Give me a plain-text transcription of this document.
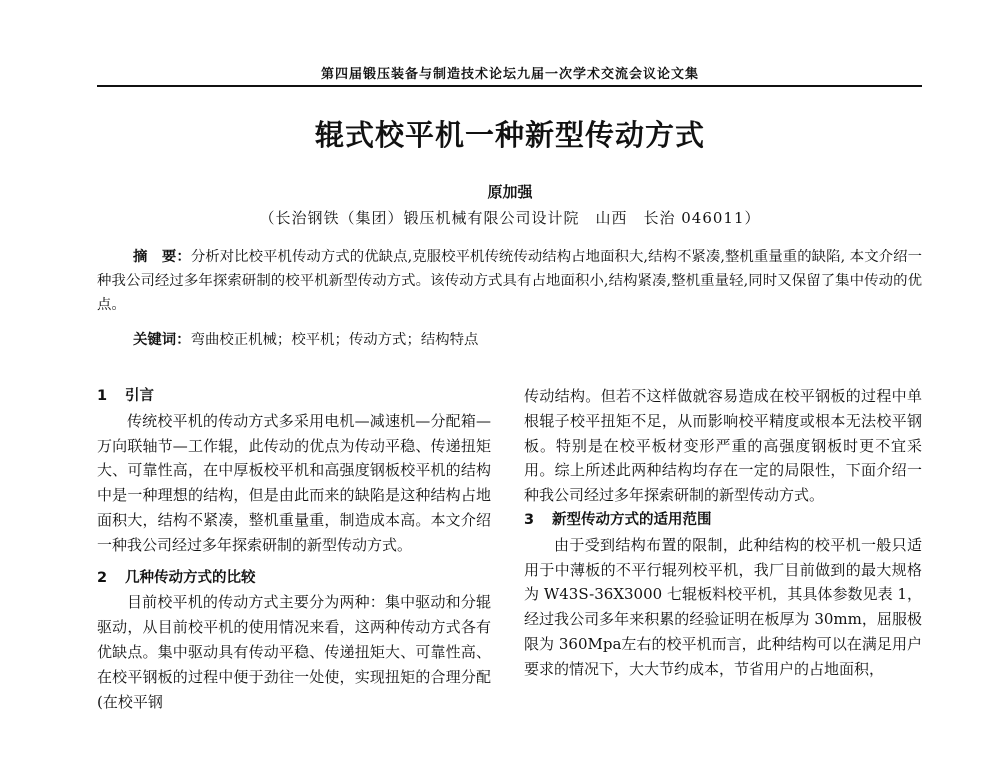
第四届锻压装备与制造技术论坛九届一次学术交流会议论文集
辊式校平机一种新型传动方式
原加强
（长治钢铁（集团）锻压机械有限公司设计院　山西　长治 046011）

摘　要：分析对比校平机传动方式的优缺点,克服校平机传统传动结构占地面积大,结构不紧凑,整机重量重的缺陷, 本文介绍一种我公司经过多年探索研制的校平机新型传动方式。该传动方式具有占地面积小,结构紧凑,整机重量轻,同时又保留了集中传动的优点。

关键词：弯曲校正机械；校平机；传动方式；结构特点
1 引言

传统校平机的传动方式多采用电机—减速机—分配箱—万向联轴节—工作辊，此传动的优点为传动平稳、传递扭矩大、可靠性高，在中厚板校平机和高强度钢板校平机的结构中是一种理想的结构，但是由此而来的缺陷是这种结构占地面积大，结构不紧凑，整机重量重，制造成本高。本文介绍一种我公司经过多年探索研制的新型传动方式。

2 几种传动方式的比较

目前校平机的传动方式主要分为两种：集中驱动和分辊驱动，从目前校平机的使用情况来看，这两种传动方式各有优缺点。集中驱动具有传动平稳、传递扭矩大、可靠性高、在校平钢板的过程中便于劲往一处使，实现扭矩的合理分配(在校平钢

传动结构。但若不这样做就容易造成在校平钢板的过程中单根辊子校平扭矩不足，从而影响校平精度或根本无法校平钢板。特别是在校平板材变形严重的高强度钢板时更不宜采用。综上所述此两种结构均存在一定的局限性，下面介绍一种我公司经过多年探索研制的新型传动方式。

3 新型传动方式的适用范围

由于受到结构布置的限制，此种结构的校平机一般只适用于中薄板的不平行辊列校平机，我厂目前做到的最大规格为 W43S-36X3000 七辊板料校平机，其具体参数见表 1，经过我公司多年来积累的经验证明在板厚为 30mm，屈服极限为 360Mpa左右的校平机而言，此种结构可以在满足用户要求的情况下，大大节约成本，节省用户的占地面积，
